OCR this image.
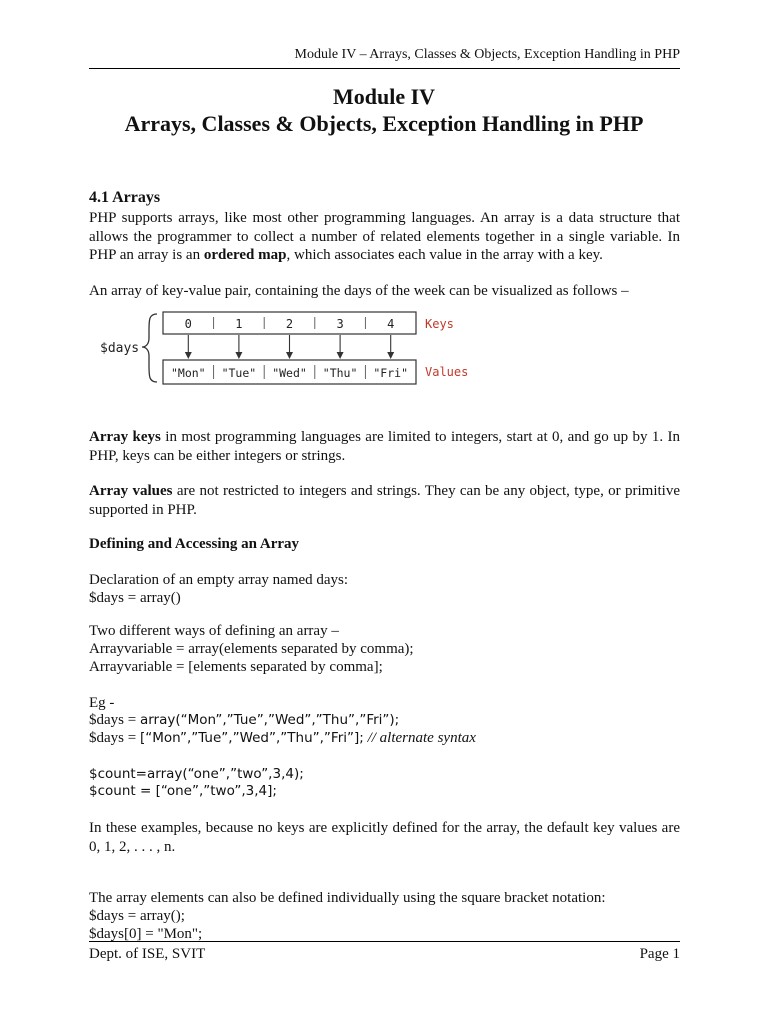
Module IV – Arrays, Classes & Objects, Exception Handling in PHP
Module IV
Arrays, Classes & Objects, Exception Handling in PHP
4.1 Arrays
PHP supports arrays, like most other programming languages. An array is a data structure that allows the programmer to collect a number of related elements together in a single variable. In PHP an array is an ordered map, which associates each value in the array with a key.
An array of key-value pair, containing the days of the week can be visualized as follows –
$days
0	1	2	3	4
"Mon" "Tue" "Wed" "Thu" "Fri"
Keys
Values
Array keys in most programming languages are limited to integers, start at 0, and go up by 1. In PHP, keys can be either integers or strings.
Array values are not restricted to integers and strings. They can be any object, type, or primitive supported in PHP.
Defining and Accessing an Array
Declaration of an empty array named days:
$days = array()
Two different ways of defining an array –
Arrayvariable = array(elements separated by comma);
Arrayvariable = [elements separated by comma];
Eg -
$days = array(“Mon”,”Tue”,”Wed”,”Thu”,”Fri”);
$days = [“Mon”,”Tue”,”Wed”,”Thu”,”Fri”]; // alternate syntax
$count=array(“one”,”two”,3,4);
$count = [“one”,”two”,3,4];
In these examples, because no keys are explicitly defined for the array, the default key values are 0, 1, 2, . . . , n.
The array elements can also be defined individually using the square bracket notation:
$days = array();
$days[0] = "Mon";
Dept. of ISE, SVIT	Page 1
